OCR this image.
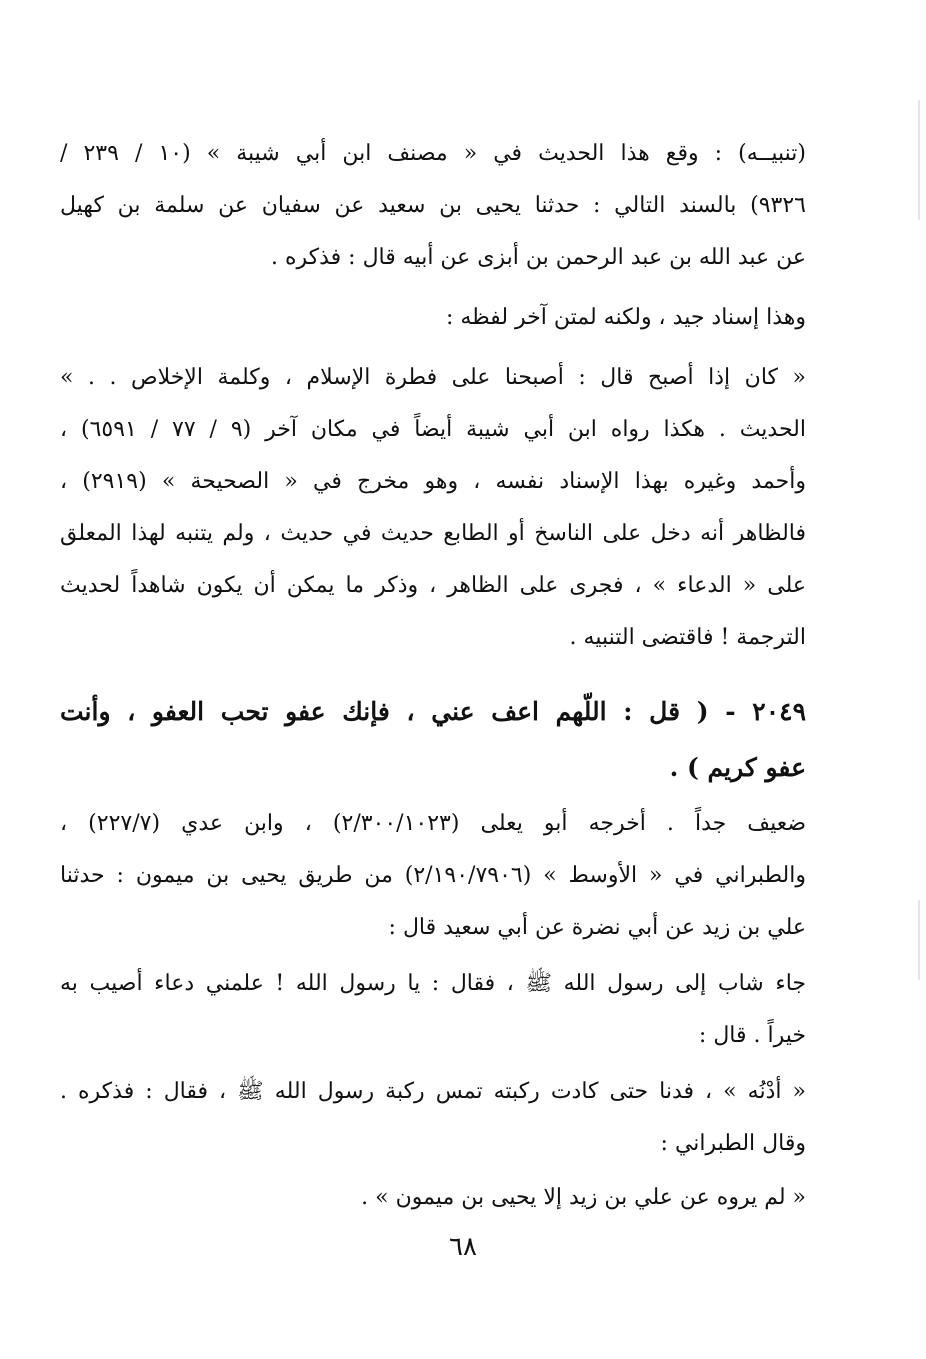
(تنبيــه) : وقع هذا الحديث في « مصنف ابن أبي شيبة » (١٠ / ٢٣٩ /
٩٣٢٦) بالسند التالي : حدثنا يحيى بن سعيد عن سفيان عن سلمة بن كهيل
عن عبد الله بن عبد الرحمن بن أبزى عن أبيه قال : فذكره .
وهذا إسناد جيد ، ولكنه لمتن آخر لفظه :
« كان إذا أصبح قال : أصبحنا على فطرة الإسلام ، وكلمة الإخلاص . . »
الحديث . هكذا رواه ابن أبي شيبة أيضاً في مكان آخر (٩ / ٧٧ / ٦٥٩١) ،
وأحمد وغيره بهذا الإسناد نفسه ، وهو مخرج في « الصحيحة » (٢٩١٩) ،
فالظاهر أنه دخل على الناسخ أو الطابع حديث في حديث ، ولم يتنبه لهذا المعلق
على « الدعاء » ، فجرى على الظاهر ، وذكر ما يمكن أن يكون شاهداً لحديث
الترجمة ! فاقتضى التنبيه .
٢٠٤٩ - ( قل : اللّهم اعف عني ، فإنك عفو تحب العفو ، وأنت
عفو كريم ) .
ضعيف جداً . أخرجه أبو يعلى (٢/٣٠٠/١٠٢٣) ، وابن عدي (٢٢٧/٧) ،
والطبراني في « الأوسط » (٢/١٩٠/٧٩٠٦) من طريق يحيى بن ميمون : حدثنا
علي بن زيد عن أبي نضرة عن أبي سعيد قال :
جاء شاب إلى رسول الله ﷺ ، فقال : يا رسول الله ! علمني دعاء أصيب به
خيراً . قال :
« أدْنُه » ، فدنا حتى كادت ركبته تمس ركبة رسول الله ﷺ ، فقال : فذكره .
وقال الطبراني :
« لم يروه عن علي بن زيد إلا يحيى بن ميمون » .
٦٨
